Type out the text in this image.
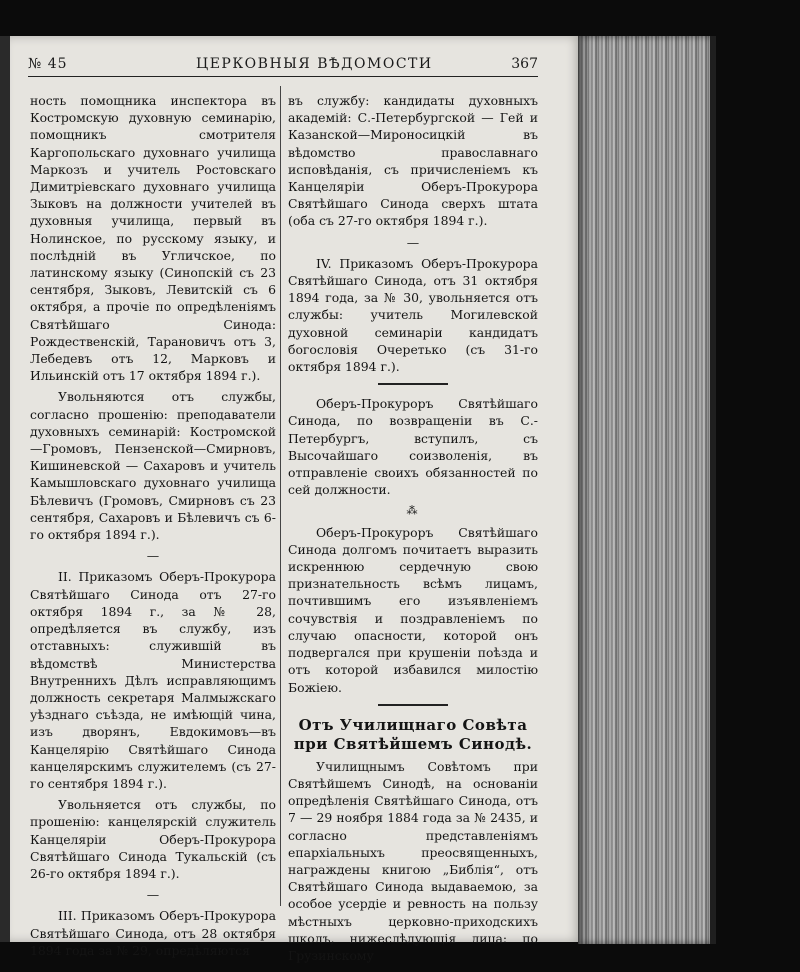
№ 45	ЦЕРКОВНЫЯ ВѢДОМОСТИ	367

ность помощника инспектора въ Костромскую духовную семинарію, помощникъ смотрителя Каргопольскаго духовнаго училища Маркозъ и учитель Ростовскаго Димитріевскаго духовнаго училища Зыковъ на должности учителей въ духовныя училища, первый въ Нолинское, по русскому языку, и послѣдній въ Угличское, по латинскому языку (Синопскій съ 23 сентября, Зыковъ, Левитскій съ 6 октября, а прочіе по опредѣленіямъ Святѣйшаго Синода: Рождественскій, Тарановичъ отъ 3, Лебедевъ отъ 12, Марковъ и Ильинскій отъ 17 октября 1894 г.).

Увольняются отъ службы, согласно прошенію: преподаватели духовныхъ семинарій: Костромской—Громовъ, Пензенской—Смирновъ, Кишиневской — Сахаровъ и учитель Камышловскаго духовнаго училища Бѣлевичъ (Громовъ, Смирновъ съ 23 сентября, Сахаровъ и Бѣлевичъ съ 6-го октября 1894 г.).

—

II. Приказомъ Оберъ-Прокурора Святѣйшаго Синода отъ 27-го октября 1894 г., за № 28, опредѣляется въ службу, изъ отставныхъ: служившій въ вѣдомствѣ Министерства Внутреннихъ Дѣлъ исправляющимъ должность секретаря Малмыжскаго уѣзднаго съѣзда, не имѣющій чина, изъ дворянъ, Евдокимовъ—въ Канцелярію Святѣйшаго Синода канцелярскимъ служителемъ (съ 27-го сентября 1894 г.).

Увольняется отъ службы, по прошенію: канцелярскій служитель Канцеляріи Оберъ-Прокурора Святѣйшаго Синода Тукальскій (съ 26-го октября 1894 г.).

—

III. Приказомъ Оберъ-Прокурора Святѣйшаго Синода, отъ 28 октября 1894 года за № 29, опредѣляются

въ службу: кандидаты духовныхъ академій: С.-Петербургской — Гей и Казанской—Мироносицкій въ вѣдомство православнаго исповѣданія, съ причисленіемъ къ Канцеляріи Оберъ-Прокурора Святѣйшаго Синода сверхъ штата (оба съ 27-го октября 1894 г.).

—

IV. Приказомъ Оберъ-Прокурора Святѣйшаго Синода, отъ 31 октября 1894 года, за № 30, увольняется отъ службы: учитель Могилевской духовной семинаріи кандидатъ богословія Очеретько (съ 31-го октября 1894 г.).

Оберъ-Прокуроръ Святѣйшаго Синода, по возвращеніи въ С.-Петербургъ, вступилъ, съ Высочайшаго соизволенія, въ отправленіе своихъ обязанностей по сей должности.

⁂

Оберъ-Прокуроръ Святѣйшаго Синода долгомъ почитаетъ выразить искреннюю сердечную свою признательность всѣмъ лицамъ, почтившимъ его изъявленіемъ сочувствія и поздравленіемъ по случаю опасности, которой онъ подвергался при крушеніи поѣзда и отъ которой избавился милостію Божіею.

Отъ Училищнаго Совѣта при Святѣйшемъ Синодѣ.

Училищнымъ Совѣтомъ при Святѣйшемъ Синодѣ, на основаніи опредѣленія Святѣйшаго Синода, отъ 7 — 29 ноября 1884 года за № 2435, и согласно представленіямъ епархіальныхъ преосвященныхъ, награждены книгою „Библія“, отъ Святѣйшаго Синода выдаваемою, за особое усердіе и ревность на пользу мѣстныхъ церковно-приходскихъ школъ, нижеслѣдующія лица: по Грузинскому
